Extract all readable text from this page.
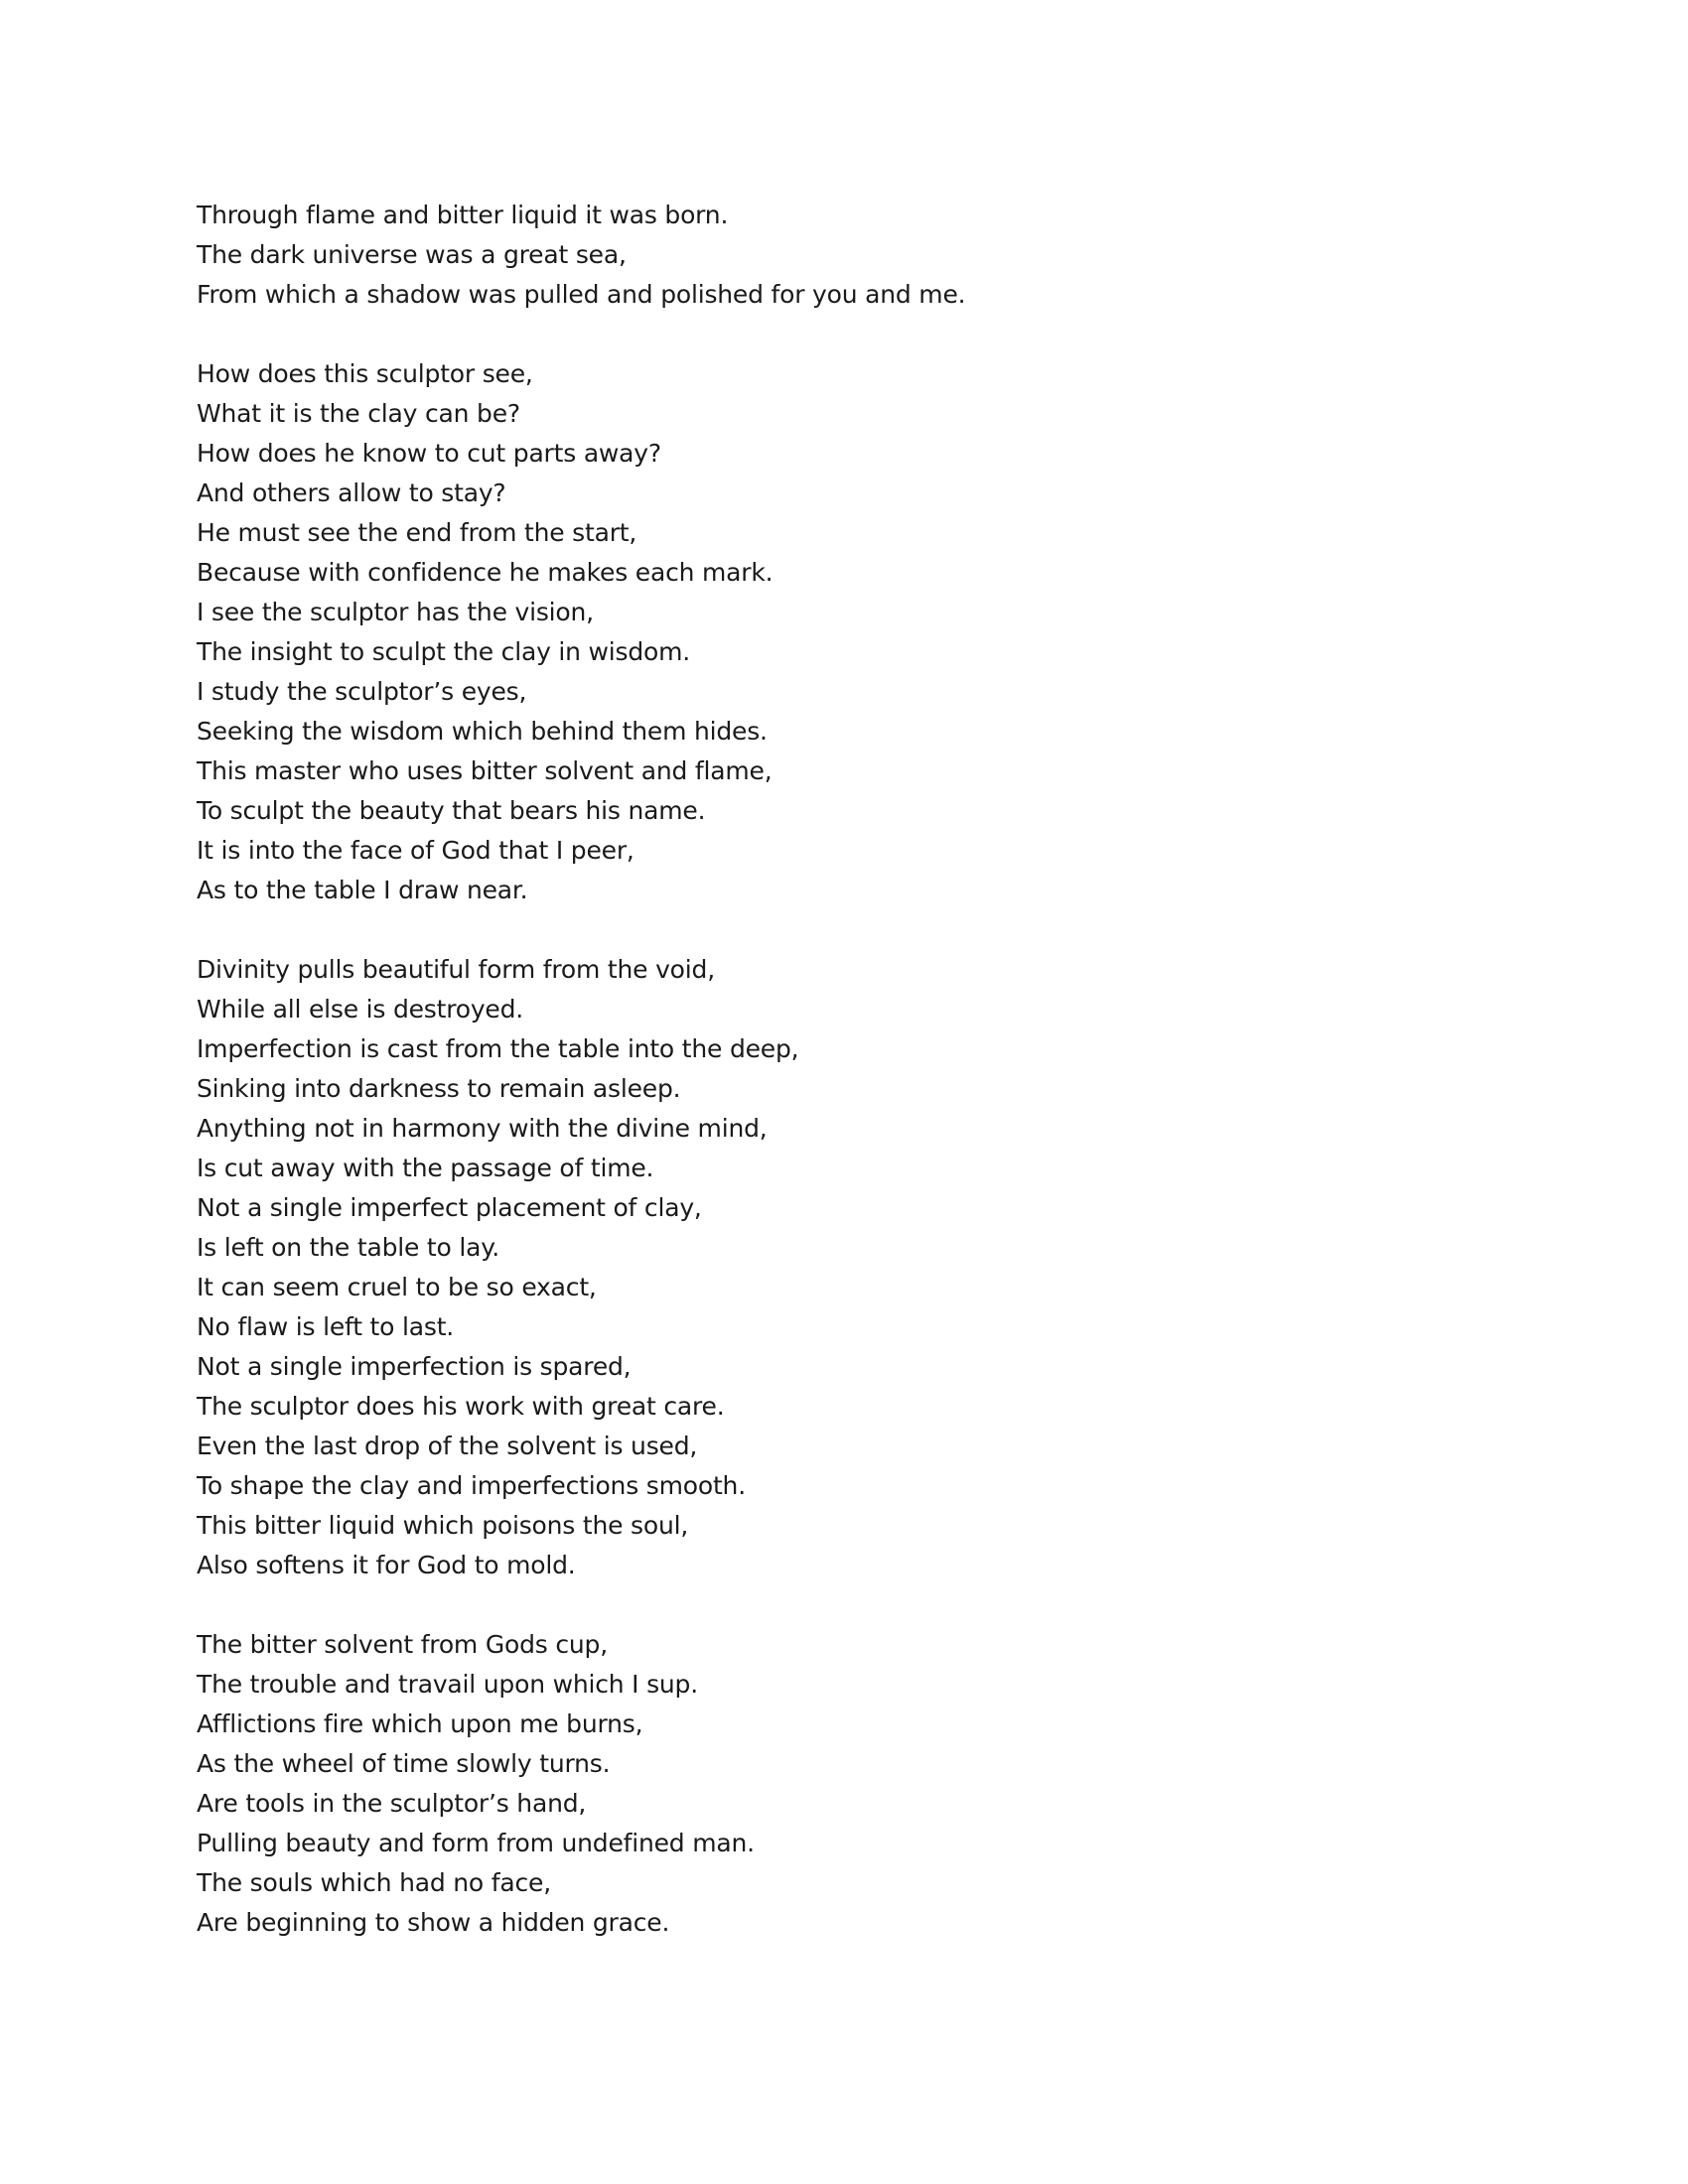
Through flame and bitter liquid it was born.
The dark universe was a great sea,
From which a shadow was pulled and polished for you and me.
How does this sculptor see,
What it is the clay can be?
How does he know to cut parts away?
And others allow to stay?
He must see the end from the start,
Because with confidence he makes each mark.
I see the sculptor has the vision,
The insight to sculpt the clay in wisdom.
I study the sculptor’s eyes,
Seeking the wisdom which behind them hides.
This master who uses bitter solvent and flame,
To sculpt the beauty that bears his name.
It is into the face of God that I peer,
As to the table I draw near.
Divinity pulls beautiful form from the void,
While all else is destroyed.
Imperfection is cast from the table into the deep,
Sinking into darkness to remain asleep.
Anything not in harmony with the divine mind,
Is cut away with the passage of time.
Not a single imperfect placement of clay,
Is left on the table to lay.
It can seem cruel to be so exact,
No flaw is left to last.
Not a single imperfection is spared,
The sculptor does his work with great care.
Even the last drop of the solvent is used,
To shape the clay and imperfections smooth.
This bitter liquid which poisons the soul,
Also softens it for God to mold.
The bitter solvent from Gods cup,
The trouble and travail upon which I sup.
Afflictions fire which upon me burns,
As the wheel of time slowly turns.
Are tools in the sculptor’s hand,
Pulling beauty and form from undefined man.
The souls which had no face,
Are beginning to show a hidden grace.
